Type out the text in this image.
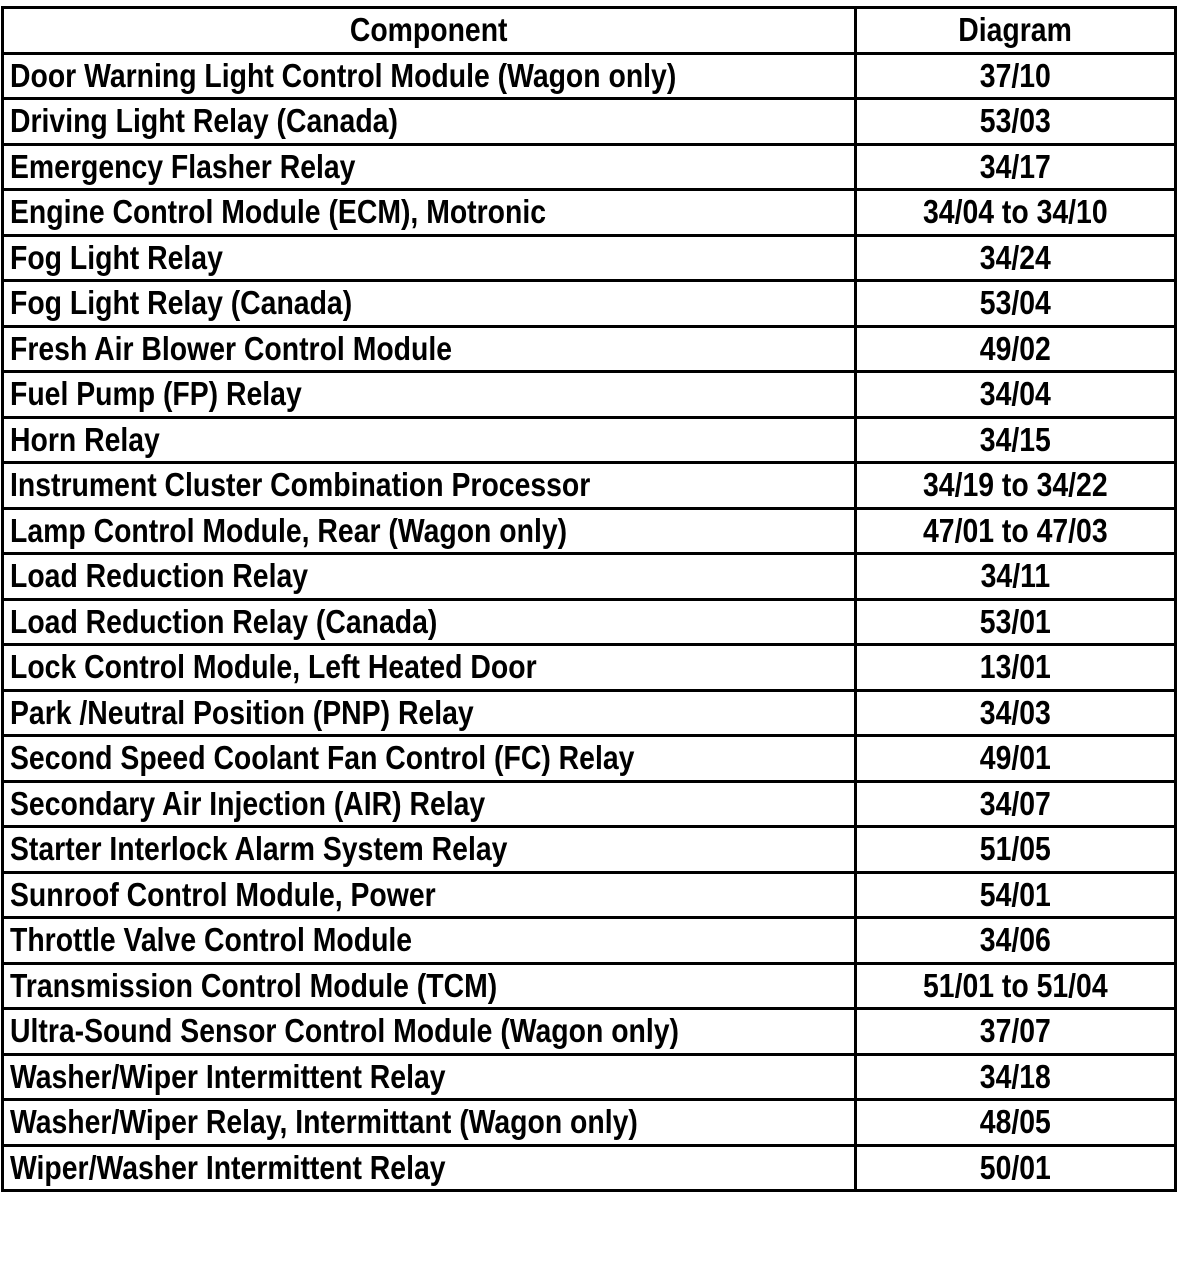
Component	Diagram
Door Warning Light Control Module (Wagon only)	37/10
Driving Light Relay (Canada)	53/03
Emergency Flasher Relay	34/17
Engine Control Module (ECM), Motronic	34/04 to 34/10
Fog Light Relay	34/24
Fog Light Relay (Canada)	53/04
Fresh Air Blower Control Module	49/02
Fuel Pump (FP) Relay	34/04
Horn Relay	34/15
Instrument Cluster Combination Processor	34/19 to 34/22
Lamp Control Module, Rear (Wagon only)	47/01 to 47/03
Load Reduction Relay	34/11
Load Reduction Relay (Canada)	53/01
Lock Control Module, Left Heated Door	13/01
Park /Neutral Position (PNP) Relay	34/03
Second Speed Coolant Fan Control (FC) Relay	49/01
Secondary Air Injection (AIR) Relay	34/07
Starter Interlock Alarm System Relay	51/05
Sunroof Control Module, Power	54/01
Throttle Valve Control Module	34/06
Transmission Control Module (TCM)	51/01 to 51/04
Ultra-Sound Sensor Control Module (Wagon only)	37/07
Washer/Wiper Intermittent Relay	34/18
Washer/Wiper Relay, Intermittant (Wagon only)	48/05
Wiper/Washer Intermittent Relay	50/01
